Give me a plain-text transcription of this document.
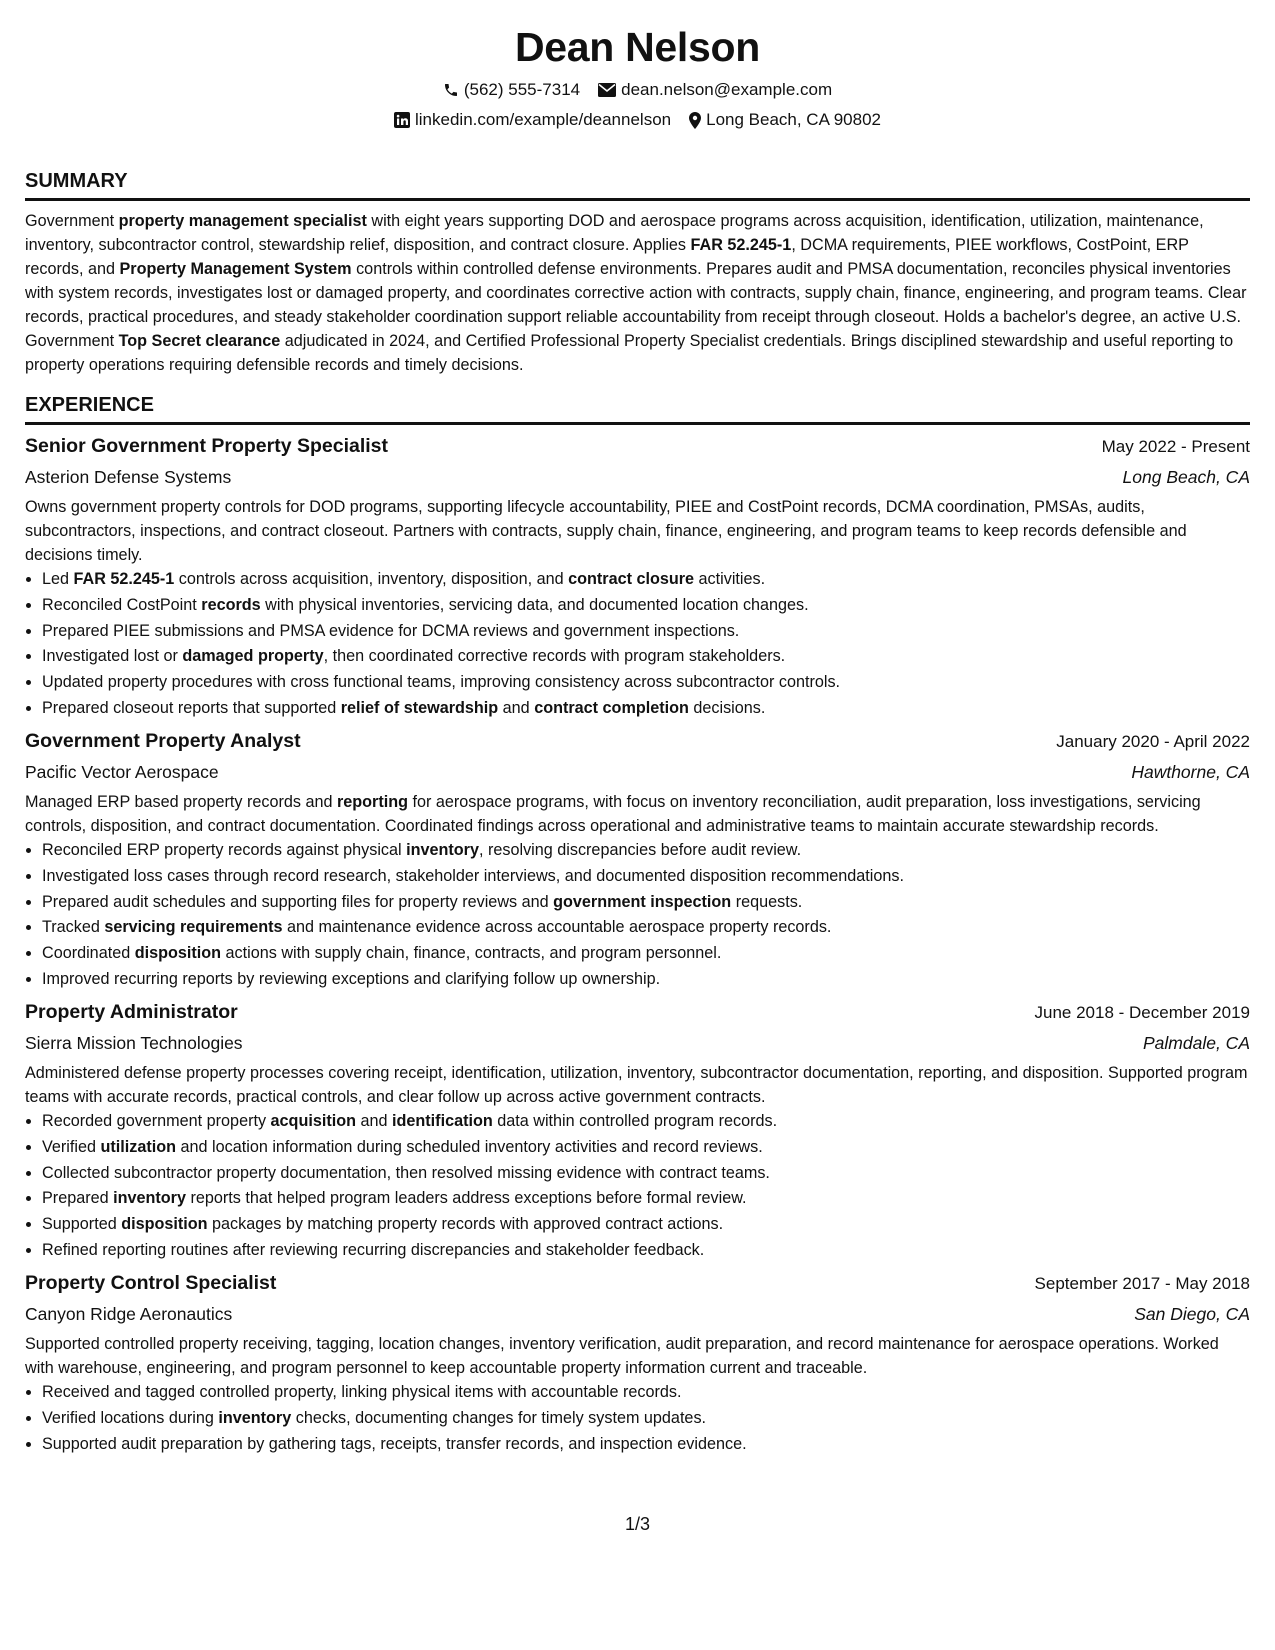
Dean Nelson
(562) 555-7314 dean.nelson@example.com
linkedin.com/example/deannelson Long Beach, CA 90802
SUMMARY
Government property management specialist with eight years supporting DOD and aerospace programs across acquisition, identification, utilization, maintenance, inventory, subcontractor control, stewardship relief, disposition, and contract closure. Applies FAR 52.245-1, DCMA requirements, PIEE workflows, CostPoint, ERP records, and Property Management System controls within controlled defense environments. Prepares audit and PMSA documentation, reconciles physical inventories with system records, investigates lost or damaged property, and coordinates corrective action with contracts, supply chain, finance, engineering, and program teams. Clear records, practical procedures, and steady stakeholder coordination support reliable accountability from receipt through closeout. Holds a bachelor's degree, an active U.S. Government Top Secret clearance adjudicated in 2024, and Certified Professional Property Specialist credentials. Brings disciplined stewardship and useful reporting to property operations requiring defensible records and timely decisions.
EXPERIENCE
Senior Government Property Specialist	May 2022 - Present
Asterion Defense Systems	Long Beach, CA
Owns government property controls for DOD programs, supporting lifecycle accountability, PIEE and CostPoint records, DCMA coordination, PMSAs, audits, subcontractors, inspections, and contract closeout. Partners with contracts, supply chain, finance, engineering, and program teams to keep records defensible and decisions timely.
• Led FAR 52.245-1 controls across acquisition, inventory, disposition, and contract closure activities.
• Reconciled CostPoint records with physical inventories, servicing data, and documented location changes.
• Prepared PIEE submissions and PMSA evidence for DCMA reviews and government inspections.
• Investigated lost or damaged property, then coordinated corrective records with program stakeholders.
• Updated property procedures with cross functional teams, improving consistency across subcontractor controls.
• Prepared closeout reports that supported relief of stewardship and contract completion decisions.
Government Property Analyst	January 2020 - April 2022
Pacific Vector Aerospace	Hawthorne, CA
Managed ERP based property records and reporting for aerospace programs, with focus on inventory reconciliation, audit preparation, loss investigations, servicing controls, disposition, and contract documentation. Coordinated findings across operational and administrative teams to maintain accurate stewardship records.
• Reconciled ERP property records against physical inventory, resolving discrepancies before audit review.
• Investigated loss cases through record research, stakeholder interviews, and documented disposition recommendations.
• Prepared audit schedules and supporting files for property reviews and government inspection requests.
• Tracked servicing requirements and maintenance evidence across accountable aerospace property records.
• Coordinated disposition actions with supply chain, finance, contracts, and program personnel.
• Improved recurring reports by reviewing exceptions and clarifying follow up ownership.
Property Administrator	June 2018 - December 2019
Sierra Mission Technologies	Palmdale, CA
Administered defense property processes covering receipt, identification, utilization, inventory, subcontractor documentation, reporting, and disposition. Supported program teams with accurate records, practical controls, and clear follow up across active government contracts.
• Recorded government property acquisition and identification data within controlled program records.
• Verified utilization and location information during scheduled inventory activities and record reviews.
• Collected subcontractor property documentation, then resolved missing evidence with contract teams.
• Prepared inventory reports that helped program leaders address exceptions before formal review.
• Supported disposition packages by matching property records with approved contract actions.
• Refined reporting routines after reviewing recurring discrepancies and stakeholder feedback.
Property Control Specialist	September 2017 - May 2018
Canyon Ridge Aeronautics	San Diego, CA
Supported controlled property receiving, tagging, location changes, inventory verification, audit preparation, and record maintenance for aerospace operations. Worked with warehouse, engineering, and program personnel to keep accountable property information current and traceable.
• Received and tagged controlled property, linking physical items with accountable records.
• Verified locations during inventory checks, documenting changes for timely system updates.
• Supported audit preparation by gathering tags, receipts, transfer records, and inspection evidence.
1/3
